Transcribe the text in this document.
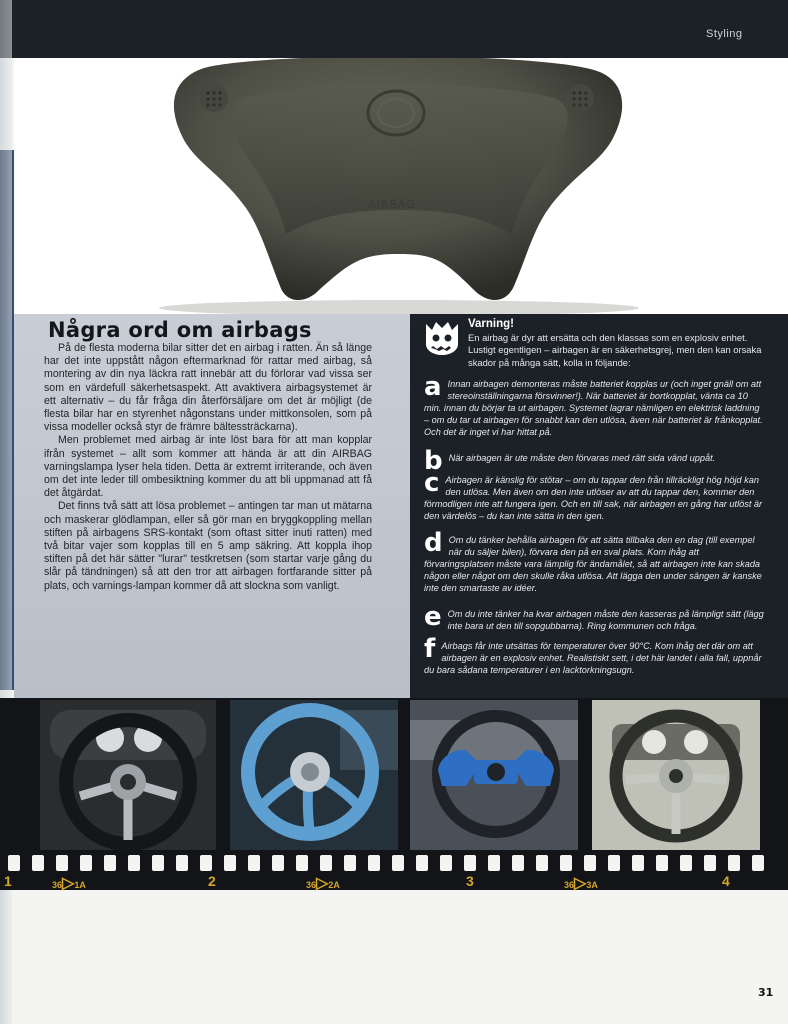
Styling
AIRBAG
Några ord om airbags

På de flesta moderna bilar sitter det en airbag i ratten. Än så länge har det inte uppstått någon eftermarknad för rattar med airbag, så montering av din nya läckra ratt innebär att du förlorar vad vissa ser som en värdefull säkerhetsaspekt. Att avaktivera airbagsystemet är ett alternativ – du får fråga din återförsäljare om det är möjligt (de flesta bilar har en styrenhet någonstans under mittkonsolen, som på vissa modeller också styr de främre bältessträckarna).

Men problemet med airbag är inte löst bara för att man kopplar ifrån systemet – allt som kommer att hända är att din AIRBAG varningslampa lyser hela tiden. Detta är extremt irriterande, och även om det inte leder till ombesiktning kommer du att bli uppmanad att få det åtgärdat.

Det finns två sätt att lösa problemet – antingen tar man ut mätarna och maskerar glödlampan, eller så gör man en bryggkoppling mellan stiften på airbagens SRS-kontakt (som oftast sitter inuti ratten) med två bitar vajer som kopplas till en 5 amp säkring. Att koppla ihop stiften på det här sätter "lurar" testkretsen (som startar varje gång du slår på tändningen) så att den tror att airbagen fortfarande sitter på plats, och varnings-lampan kommer då att slockna som vanligt.

Varning!
En airbag är dyr att ersätta och den klassas som en explosiv enhet. Lustigt egentligen – airbagen är en säkerhetsgrej, men den kan orsaka skador på många sätt, kolla in följande:
a Innan airbagen demonteras måste batteriet kopplas ur (och inget gnäll om att stereoinställningarna försvinner!). När batteriet är bortkopplat, vänta ca 10 min. innan du börjar ta ut airbagen. Systemet lagrar nämligen en elektrisk laddning – om du tar ut airbagen för snabbt kan den utlösa, även när batteriet är frånkopplat. Och det är inget vi har hittat på.
b När airbagen är ute måste den förvaras med rätt sida vänd uppåt.
c Airbagen är känslig för stötar – om du tappar den från tillräckligt hög höjd kan den utlösa. Men även om den inte utlöser av att du tappar den, kommer den förmodligen inte att fungera igen. Och en till sak, när airbagen en gång har utlöst är den värdelös – du kan inte sätta in den igen.
d Om du tänker behålla airbagen för att sätta tillbaka den en dag (till exempel när du säljer bilen), förvara den på en sval plats. Kom ihåg att förvaringsplatsen måste vara lämplig för ändamålet, så att airbagen inte kan skada någon eller något om den skulle råka utlösa. Att lägga den under sängen är kanske inte den smartaste av idéer.
e Om du inte tänker ha kvar airbagen måste den kasseras på lämpligt sätt (lägg inte bara ut den till sopgubbarna). Ring kommunen och fråga.
f Airbags får inte utsättas för temperaturer över 90°C. Kom ihåg det där om att airbagen är en explosiv enhet. Realistiskt sett, i det här landet i alla fall, uppnår du bara sådana temperaturer i en lacktorkningsugn.
1	36▷1A	2	36▷2A	3	36▷3A	4
31
